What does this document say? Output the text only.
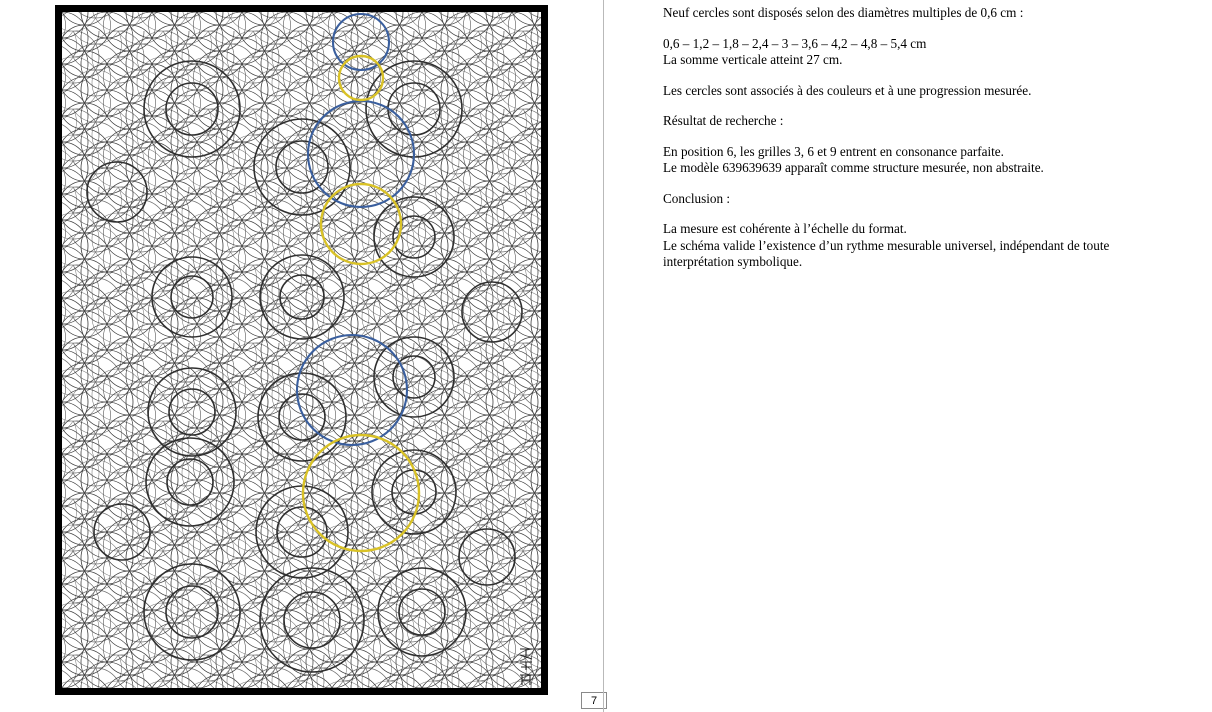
7

Neuf cercles sont disposés selon des diamètres multiples de 0,6 cm :

0,6 – 1,2 – 1,8 – 2,4 – 3 – 3,6 – 4,2 – 4,8 – 5,4 cm
La somme verticale atteint 27 cm.

Les cercles sont associés à des couleurs et à une progression mesurée.

Résultat de recherche :

En position 6, les grilles 3, 6 et 9 entrent en consonance parfaite.
Le modèle 639639639 apparaît comme structure mesurée, non abstraite.

Conclusion :

La mesure est cohérente à l’échelle du format.
Le schéma valide l’existence d’un rythme mesurable universel, indépendant de toute interprétation symbolique.
